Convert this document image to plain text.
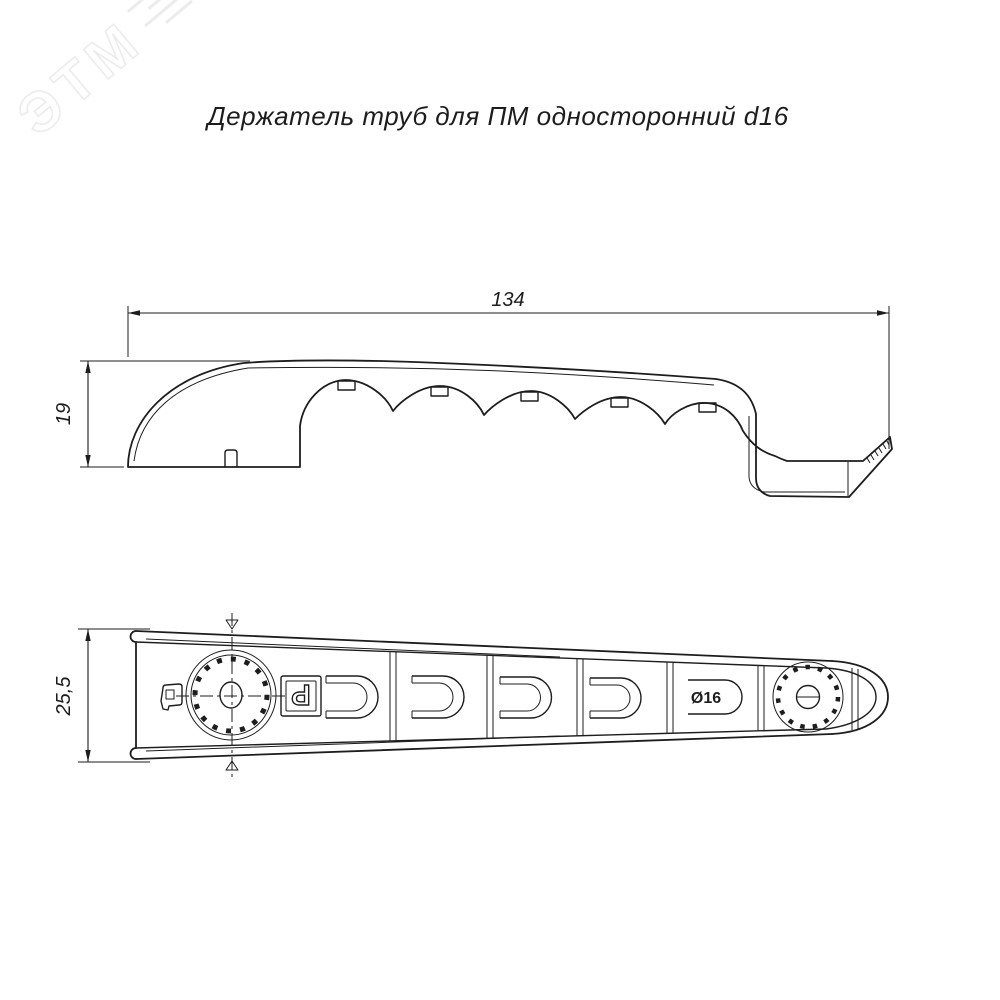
ЭТМ Держатель труб для ПМ односторонний d16
134
19
25,5	Р	Ø16
